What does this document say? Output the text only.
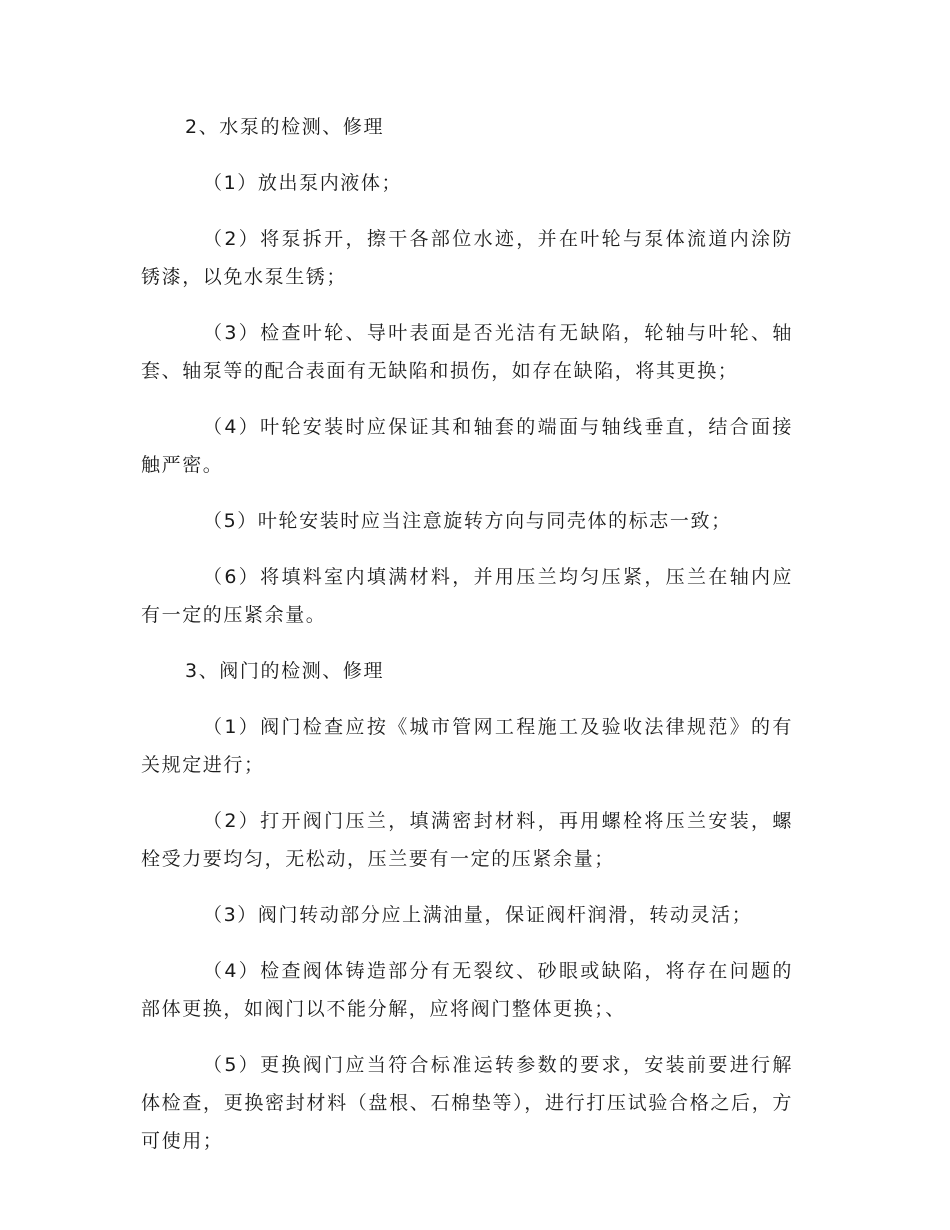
2、水泵的检测、修理

（1）放出泵内液体；

（2）将泵拆开，擦干各部位水迹，并在叶轮与泵体流道内涂防锈漆，以免水泵生锈；

（3）检查叶轮、导叶表面是否光洁有无缺陷，轮轴与叶轮、轴套、轴泵等的配合表面有无缺陷和损伤，如存在缺陷，将其更换；

（4）叶轮安装时应保证其和轴套的端面与轴线垂直，结合面接触严密。

（5）叶轮安装时应当注意旋转方向与同壳体的标志一致；

（6）将填料室内填满材料，并用压兰均匀压紧，压兰在轴内应有一定的压紧余量。

3、阀门的检测、修理

（1）阀门检查应按《城市管网工程施工及验收法律规范》的有关规定进行；

（2）打开阀门压兰，填满密封材料，再用螺栓将压兰安装，螺栓受力要均匀，无松动，压兰要有一定的压紧余量；

（3）阀门转动部分应上满油量，保证阀杆润滑，转动灵活；

（4）检查阀体铸造部分有无裂纹、砂眼或缺陷，将存在问题的部体更换，如阀门以不能分解，应将阀门整体更换；、

（5）更换阀门应当符合标准运转参数的要求，安装前要进行解体检查，更换密封材料（盘根、石棉垫等），进行打压试验合格之后，方可使用；
